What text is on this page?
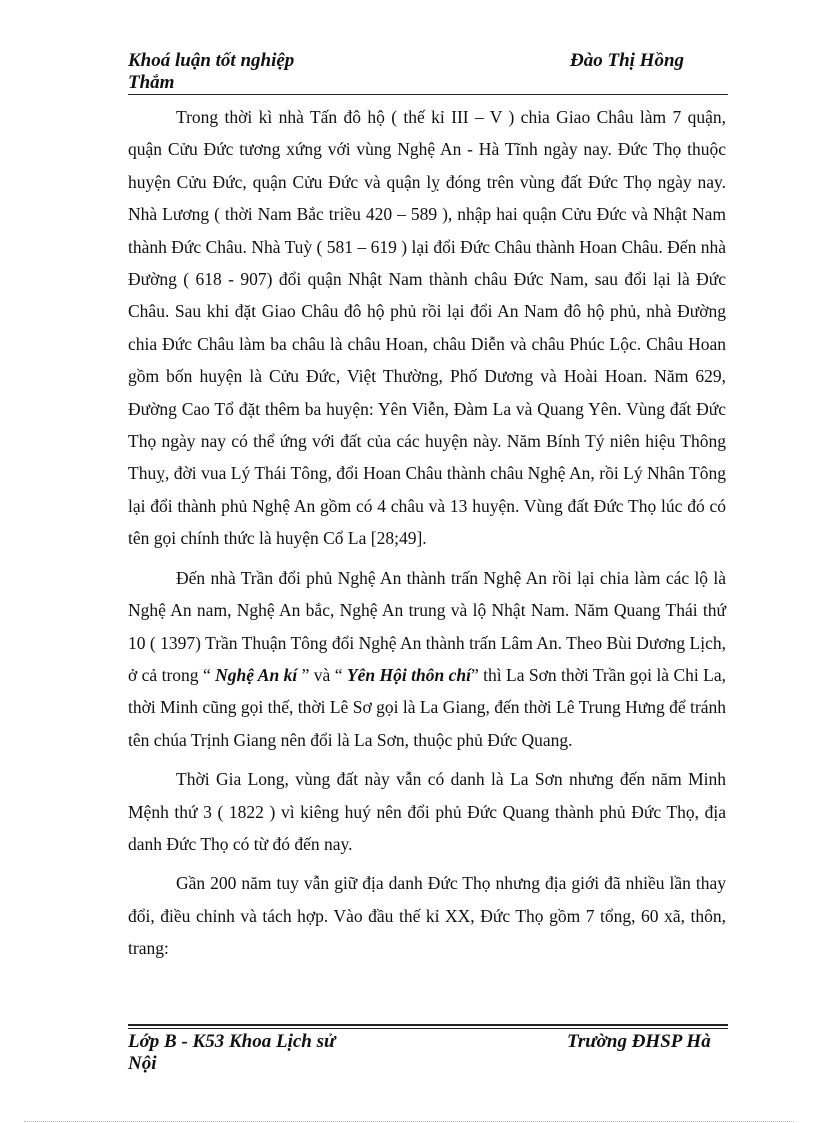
Khoá luận tốt nghiệp
Thắm
Đào Thị Hồng

Trong thời kì nhà Tấn đô hộ ( thế kỉ III – V ) chia Giao Châu làm 7 quận, quận Cửu Đức tương xứng với vùng Nghệ An - Hà Tĩnh ngày nay. Đức Thọ thuộc huyện Cửu Đức, quận Cửu Đức và quận lỵ đóng trên vùng đất Đức Thọ ngày nay. Nhà Lương ( thời Nam Bắc triều 420 – 589 ), nhập hai quận Cửu Đức và Nhật Nam thành Đức Châu. Nhà Tuỳ ( 581 – 619 ) lại đổi Đức Châu thành Hoan Châu. Đến nhà Đường ( 618 - 907) đổi quận Nhật Nam thành châu Đức Nam, sau đổi lại là Đức Châu. Sau khi đặt Giao Châu đô hộ phủ rồi lại đổi An Nam đô hộ phủ, nhà Đường chia Đức Châu làm ba châu là châu Hoan, châu Diễn và châu Phúc Lộc. Châu Hoan gồm bốn huyện là Cửu Đức, Việt Thường, Phố Dương và Hoài Hoan. Năm 629, Đường Cao Tổ đặt thêm ba huyện: Yên Viễn, Đàm La và Quang Yên. Vùng đất Đức Thọ ngày nay có thể ứng với đất của các huyện này. Năm Bính Tý niên hiệu Thông Thuỵ, đời vua Lý Thái Tông, đổi Hoan Châu thành châu Nghệ An, rồi Lý Nhân Tông lại đổi thành phủ Nghệ An gồm có 4 châu và 13 huyện. Vùng đất Đức Thọ lúc đó có tên gọi chính thức là huyện Cổ La [28;49].

Đến nhà Trần đổi phủ Nghệ An thành trấn Nghệ An rồi lại chia làm các lộ là Nghệ An nam, Nghệ An bắc, Nghệ An trung và lộ Nhật Nam. Năm Quang Thái thứ 10 ( 1397) Trần Thuận Tông đổi Nghệ An thành trấn Lâm An. Theo Bùi Dương Lịch, ở cả trong “ Nghệ An kí ” và “ Yên Hội thôn chí” thì La Sơn thời Trần gọi là Chi La, thời Minh cũng gọi thế, thời Lê Sơ gọi là La Giang, đến thời Lê Trung Hưng để tránh tên chúa Trịnh Giang nên đổi là La Sơn, thuộc phủ Đức Quang.

Thời Gia Long, vùng đất này vẫn có danh là La Sơn nhưng đến năm Minh Mệnh thứ 3 ( 1822 ) vì kiêng huý nên đổi phủ Đức Quang thành phủ Đức Thọ, địa danh Đức Thọ có từ đó đến nay.

Gần 200 năm tuy vẫn giữ địa danh Đức Thọ nhưng địa giới đã nhiều lần thay đổi, điều chỉnh và tách hợp. Vào đầu thế kỉ XX, Đức Thọ gồm 7 tổng, 60 xã, thôn, trang:

Lớp B - K53 Khoa Lịch sử
Nội
Trường ĐHSP Hà
